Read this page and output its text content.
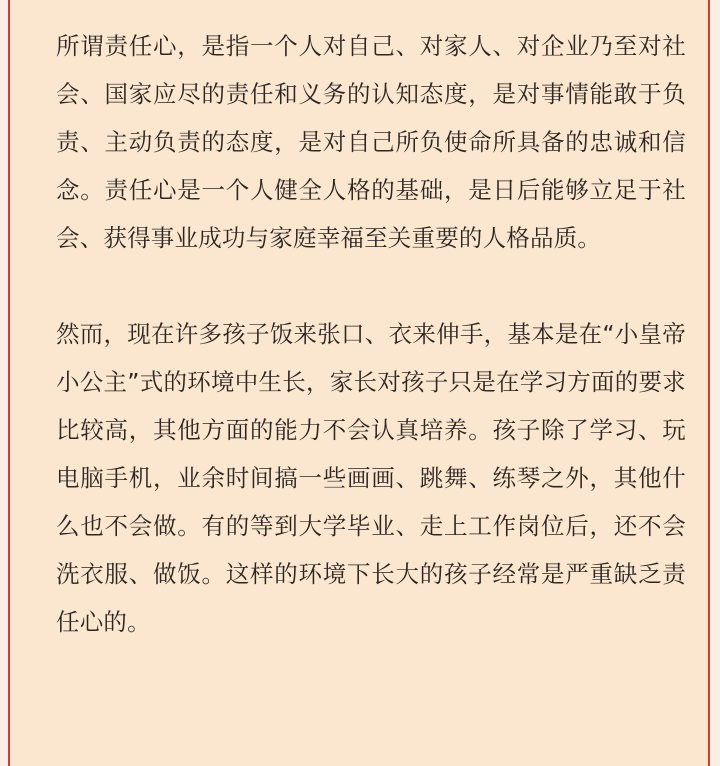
所谓责任心，是指一个人对自己、对家人、对企业乃至对社会、国家应尽的责任和义务的认知态度，是对事情能敢于负责、主动负责的态度，是对自己所负使命所具备的忠诚和信念。责任心是一个人健全人格的基础，是日后能够立足于社会、获得事业成功与家庭幸福至关重要的人格品质。

然而，现在许多孩子饭来张口、衣来伸手，基本是在“小皇帝小公主”式的环境中生长，家长对孩子只是在学习方面的要求比较高，其他方面的能力不会认真培养。孩子除了学习、玩电脑手机，业余时间搞一些画画、跳舞、练琴之外，其他什么也不会做。有的等到大学毕业、走上工作岗位后，还不会洗衣服、做饭。这样的环境下长大的孩子经常是严重缺乏责任心的。
